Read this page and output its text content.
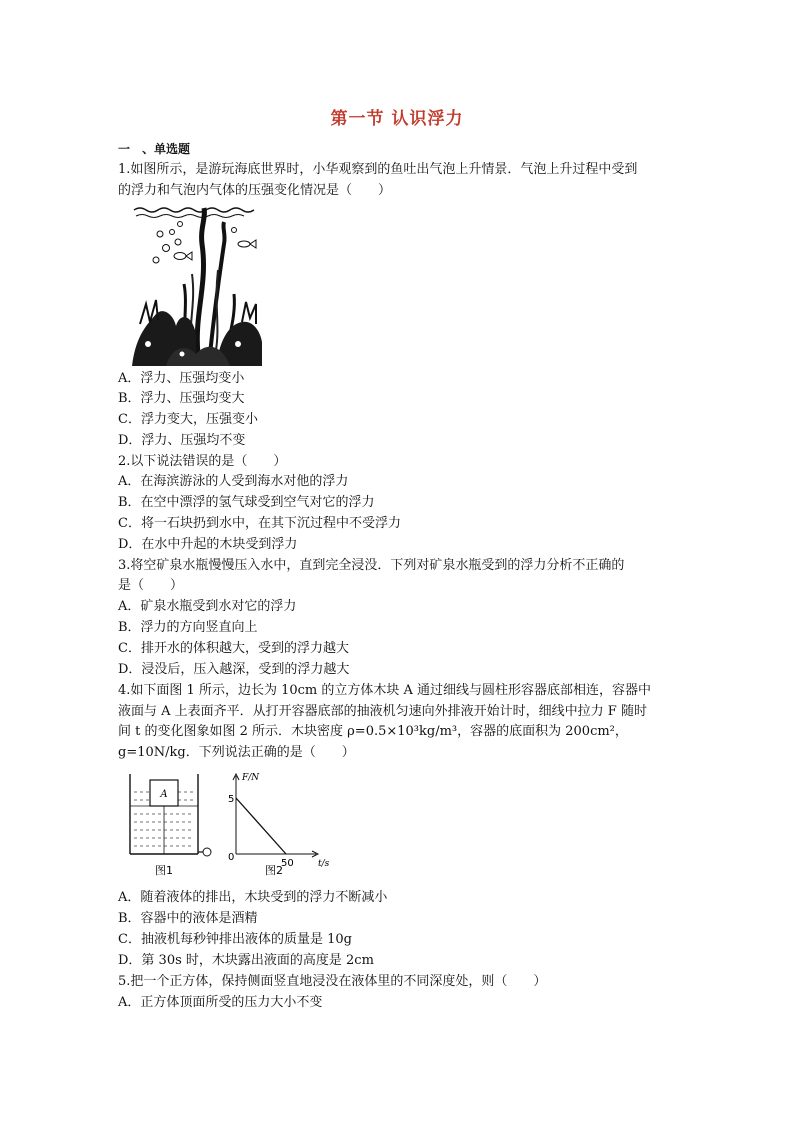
第一节 认识浮力
一　、单选题
1.如图所示，是游玩海底世界时，小华观察到的鱼吐出气泡上升情景．气泡上升过程中受到
的浮力和气泡内气体的压强变化情况是（　　）
A．浮力、压强均变小
B．浮力、压强均变大
C．浮力变大，压强变小
D．浮力、压强均不变
2.以下说法错误的是（　　）
A．在海滨游泳的人受到海水对他的浮力
B．在空中漂浮的氢气球受到空气对它的浮力
C．将一石块扔到水中，在其下沉过程中不受浮力
D．在水中升起的木块受到浮力
3.将空矿泉水瓶慢慢压入水中，直到完全浸没．下列对矿泉水瓶受到的浮力分析不正确的
是（　　）
A．矿泉水瓶受到水对它的浮力
B．浮力的方向竖直向上
C．排开水的体积越大，受到的浮力越大
D．浸没后，压入越深，受到的浮力越大
4.如下面图 1 所示，边长为 10cm 的立方体木块 A 通过细线与圆柱形容器底部相连，容器中
液面与 A 上表面齐平．从打开容器底部的抽液机匀速向外排液开始计时，细线中拉力 F 随时
间 t 的变化图象如图 2 所示．木块密度 ρ=0.5×10³kg/m³，容器的底面积为 200cm²，
g=10N/kg．下列说法正确的是（　　）
A
图1
F/N
t/s
0
5
50
图2
A．随着液体的排出，木块受到的浮力不断减小
B．容器中的液体是酒精
C．抽液机每秒钟排出液体的质量是 10g
D．第 30s 时，木块露出液面的高度是 2cm
5.把一个正方体，保持侧面竖直地浸没在液体里的不同深度处，则（　　）
A．正方体顶面所受的压力大小不变
